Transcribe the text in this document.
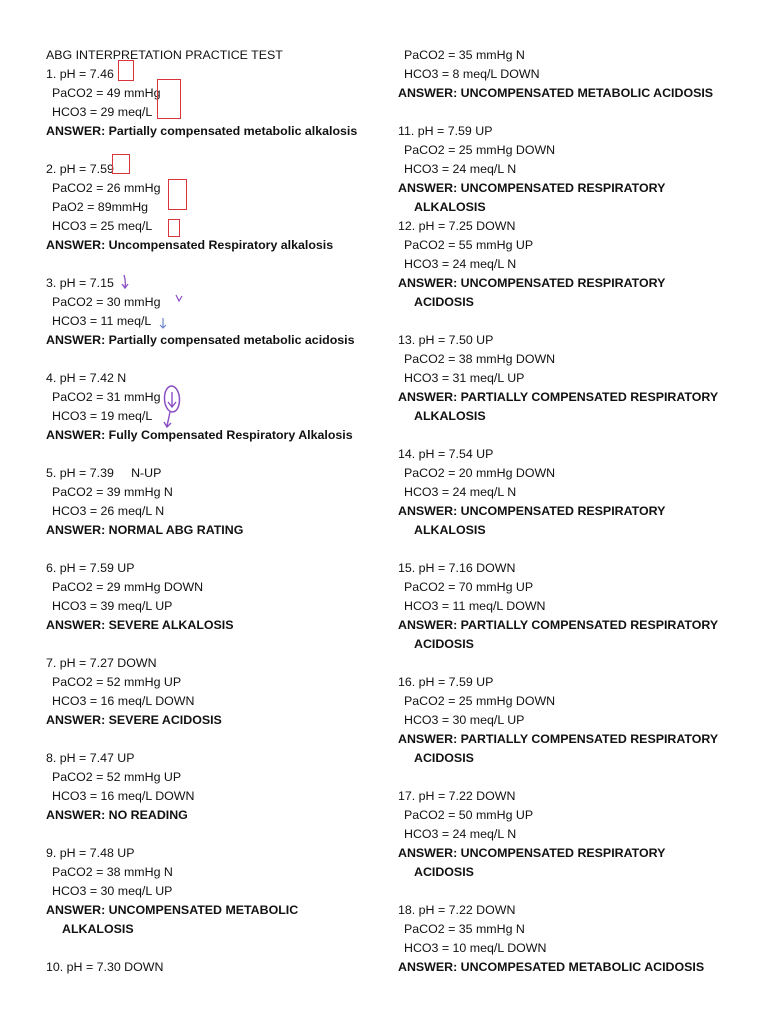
ABG INTERPRETATION PRACTICE TEST
1. pH = 7.46
PaCO2 = 49 mmHg
HCO3 = 29 meq/L
ANSWER: Partially compensated metabolic alkalosis
2. pH = 7.59
PaCO2 = 26 mmHg
PaO2 = 89mmHg
HCO3 = 25 meq/L
ANSWER: Uncompensated Respiratory alkalosis
3. pH = 7.15
PaCO2 = 30 mmHg
HCO3 = 11 meq/L
ANSWER: Partially compensated metabolic acidosis
4. pH = 7.42 N
PaCO2 = 31 mmHg
HCO3 = 19 meq/L
ANSWER: Fully Compensated Respiratory Alkalosis
5. pH = 7.39     N-UP
PaCO2 = 39 mmHg N
HCO3 = 26 meq/L N
ANSWER: NORMAL ABG RATING
6. pH = 7.59 UP
PaCO2 = 29 mmHg DOWN
HCO3 = 39 meq/L UP
ANSWER: SEVERE ALKALOSIS
7. pH = 7.27 DOWN
PaCO2 = 52 mmHg UP
HCO3 = 16 meq/L DOWN
ANSWER: SEVERE ACIDOSIS
8. pH = 7.47 UP
PaCO2 = 52 mmHg UP
HCO3 = 16 meq/L DOWN
ANSWER: NO READING
9. pH = 7.48 UP
PaCO2 = 38 mmHg N
HCO3 = 30 meq/L UP
ANSWER: UNCOMPENSATED METABOLIC
ALKALOSIS
10. pH = 7.30 DOWN
PaCO2 = 35 mmHg N
HCO3 = 8 meq/L DOWN
ANSWER: UNCOMPENSATED METABOLIC ACIDOSIS
11. pH = 7.59 UP
PaCO2 = 25 mmHg DOWN
HCO3 = 24 meq/L N
ANSWER: UNCOMPENSATED RESPIRATORY
ALKALOSIS
12. pH = 7.25 DOWN
PaCO2 = 55 mmHg UP
HCO3 = 24 meq/L N
ANSWER: UNCOMPENSATED RESPIRATORY
ACIDOSIS
13. pH = 7.50 UP
PaCO2 = 38 mmHg DOWN
HCO3 = 31 meq/L UP
ANSWER: PARTIALLY COMPENSATED RESPIRATORY
ALKALOSIS
14. pH = 7.54 UP
PaCO2 = 20 mmHg DOWN
HCO3 = 24 meq/L N
ANSWER: UNCOMPENSATED RESPIRATORY
ALKALOSIS
15. pH = 7.16 DOWN
PaCO2 = 70 mmHg UP
HCO3 = 11 meq/L DOWN
ANSWER: PARTIALLY COMPENSATED RESPIRATORY
ACIDOSIS
16. pH = 7.59 UP
PaCO2 = 25 mmHg DOWN
HCO3 = 30 meq/L UP
ANSWER: PARTIALLY COMPENSATED RESPIRATORY
ACIDOSIS
17. pH = 7.22 DOWN
PaCO2 = 50 mmHg UP
HCO3 = 24 meq/L N
ANSWER: UNCOMPENSATED RESPIRATORY
ACIDOSIS
18. pH = 7.22 DOWN
PaCO2 = 35 mmHg N
HCO3 = 10 meq/L DOWN
ANSWER: UNCOMPESATED METABOLIC ACIDOSIS
